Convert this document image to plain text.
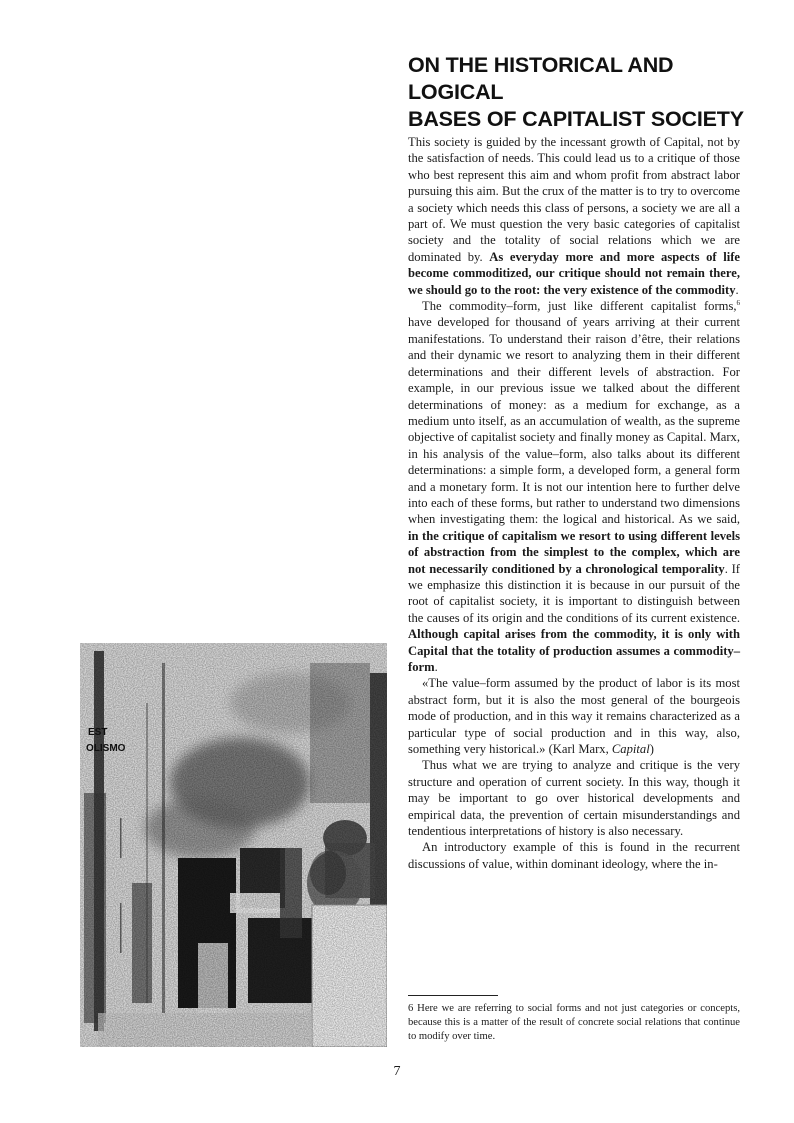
ON THE HISTORICAL AND LOGICAL
BASES OF CAPITALIST SOCIETY

This society is guided by the incessant growth of Capital, not by the satisfaction of needs. This could lead us to a critique of those who best represent this aim and whom profit from abstract labor pursuing this aim. But the crux of the matter is to try to overcome a society which needs this class of persons, a society we are all a part of. We must question the very basic categories of capitalist society and the totality of social relations which we are dominated by. As everyday more and more aspects of life become commoditized, our critique should not remain there, we should go to the root: the very existence of the commodity.

The commodity–form, just like different capitalist forms,$^6$ have developed for thousand of years arriving at their current manifestations. To understand their raison d’être, their relations and their dynamic we resort to analyzing them in their different determinations and their different levels of abstraction. For example, in our previous issue we talked about the different determinations of money: as a medium for exchange, as a medium unto itself, as an accumulation of wealth, as the supreme objective of capitalist society and finally money as Capital. Marx, in his analysis of the value–form, also talks about its different determinations: a simple form, a developed form, a general form and a monetary form. It is not our intention here to further delve into each of these forms, but rather to understand two dimensions when investigating them: the logical and historical. As we said, in the critique of capitalism we resort to using different levels of abstraction from the simplest to the complex, which are not necessarily conditioned by a chronological temporality. If we emphasize this distinction it is because in our pursuit of the root of capitalist society, it is important to distinguish between the causes of its origin and the conditions of its current existence. Although capital arises from the commodity, it is only with Capital that the totality of production assumes a commodity–form.

«The value–form assumed by the product of labor is its most abstract form, but it is also the most general of the bourgeois mode of production, and in this way it remains characterized as a particular type of social production and in this way, also, something very historical.» (Karl Marx, Capital)

Thus what we are trying to analyze and critique is the very structure and operation of current society. In this way, though it may be important to go over historical developments and empirical data, the prevention of certain misunderstandings and tendentious interpretations of history is also necessary.

An introductory example of this is found in the recurrent discussions of value, within dominant ideology, where the in-

6 Here we are referring to social forms and not just categories or concepts, because this is a matter of the result of concrete social relations that continue to modify over time.
7
